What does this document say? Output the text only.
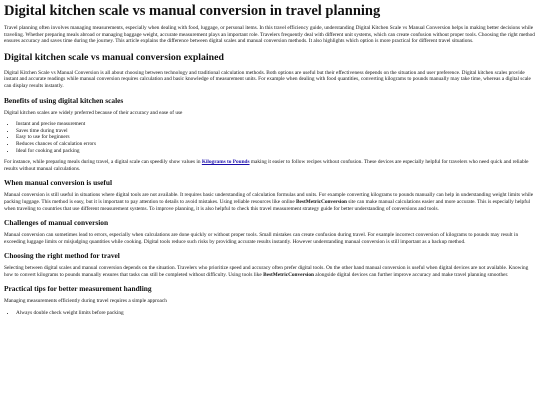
Digital kitchen scale vs manual conversion in travel planning

Travel planning often involves managing measurements, especially when dealing with food, luggage, or personal items. In this travel efficiency guide, understanding Digital Kitchen Scale vs Manual Conversion helps in making better decisions while traveling. Whether preparing meals abroad or managing baggage weight, accurate measurement plays an important role. Travelers frequently deal with different unit systems, which can create confusion without proper tools. Choosing the right method ensures accuracy and saves time during the journey. This article explains the difference between digital scales and manual conversion methods. It also highlights which option is more practical for different travel situations.

Digital kitchen scale vs manual conversion explained

Digital Kitchen Scale vs Manual Conversion is all about choosing between technology and traditional calculation methods. Both options are useful but their effectiveness depends on the situation and user preference. Digital kitchen scales provide instant and accurate readings while manual conversion requires calculation and basic knowledge of measurement units. For example when dealing with food quantities, converting kilograms to pounds manually may take time, whereas a digital scale can display results instantly.

Benefits of using digital kitchen scales

Digital kitchen scales are widely preferred because of their accuracy and ease of use

• Instant and precise measurement
• Saves time during travel
• Easy to use for beginners
• Reduces chances of calculation errors
• Ideal for cooking and packing

For instance, while preparing meals during travel, a digital scale can speedily show values in Kilograms to Pounds making it easier to follow recipes without confusion. These devices are especially helpful for travelers who need quick and reliable results without manual calculations.

When manual conversion is useful

Manual conversion is still useful in situations where digital tools are not available. It requires basic understanding of calculation formulas and units. For example converting kilograms to pounds manually can help in understanding weight limits while packing luggage. This method is easy, but it is important to pay attention to details to avoid mistakes. Using reliable resources like online BestMetricConversion site can make manual calculations easier and more accurate. This is especially helpful when traveling to countries that use different measurement systems. To improve planning, it is also helpful to check this travel measurement strategy guide for better understanding of conversions and tools.

Challenges of manual conversion

Manual conversion can sometimes lead to errors, especially when calculations are done quickly or without proper tools. Small mistakes can create confusion during travel. For example incorrect conversion of kilograms to pounds may result in exceeding luggage limits or misjudging quantities while cooking. Digital tools reduce such risks by providing accurate results instantly. However understanding manual conversion is still important as a backup method.

Choosing the right method for travel

Selecting between digital scales and manual conversion depends on the situation. Travelers who prioritize speed and accuracy often prefer digital tools. On the other hand manual conversion is useful when digital devices are not available. Knowing how to convert kilograms to pounds manually ensures that tasks can still be completed without difficulty. Using tools like BestMetricConversion alongside digital devices can further improve accuracy and make travel planning smoother.

Practical tips for better measurement handling

Managing measurements efficiently during travel requires a simple approach

• Always double check weight limits before packing
